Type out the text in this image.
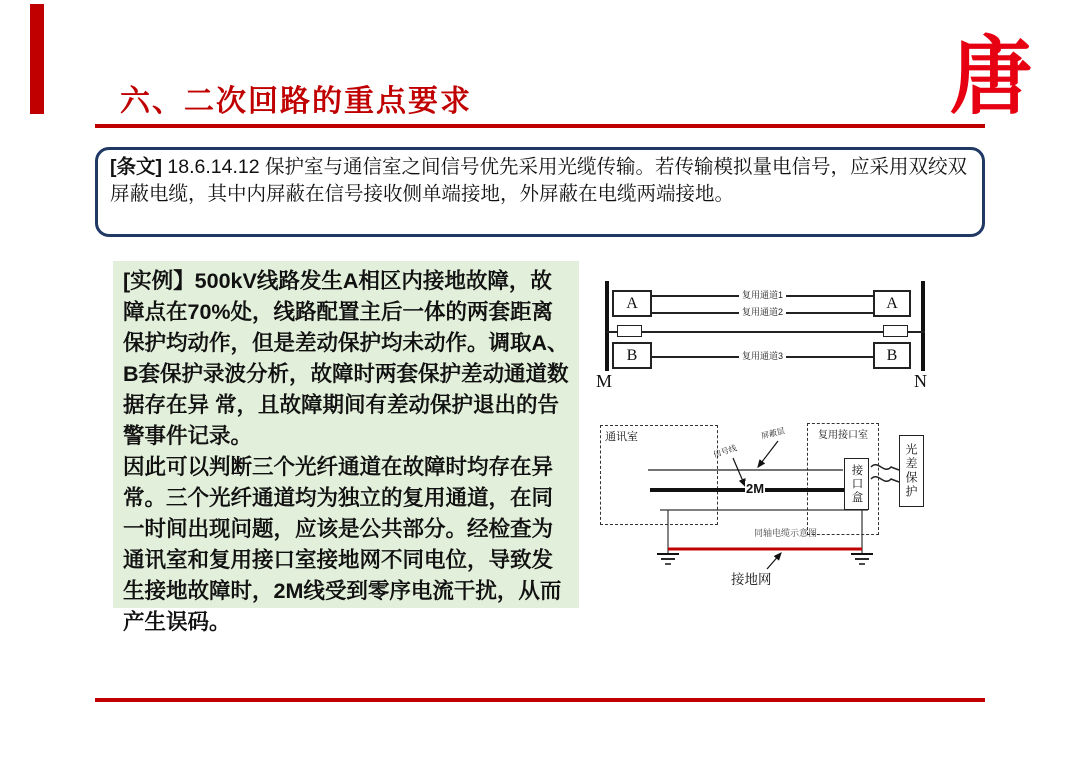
六、二次回路的重点要求	唐
[条文] 18.6.14.12 保护室与通信室之间信号优先采用光缆传输。若传输模拟量电信号，应采用双绞双屏蔽电缆，其中内屏蔽在信号接收侧单端接地，外屏蔽在电缆两端接地。

[实例】500kV线路发生A相区内接地故障，故障点在70%处，线路配置主后一体的两套距离保护均动作，但是差动保护均未动作。调取A、B套保护录波分析，故障时两套保护差动通道数据存在异 常，且故障期间有差动保护退出的告警事件记录。

因此可以判断三个光纤通道在故障时均存在异常。三个光纤通道均为独立的复用通道，在同 一时间出现问题，应该是公共部分。经检查为通讯室和复用接口室接地网不同电位，导致发生接地故障时，2M线受到零序电流干扰，从而产生误码。

A	A
复用通道1
复用通道2
B	B
复用通道3
M	N
通讯室	复用接口室
接口盒	光差保护
2M
信号线
屏蔽层
同轴电缆示意图
接地网
